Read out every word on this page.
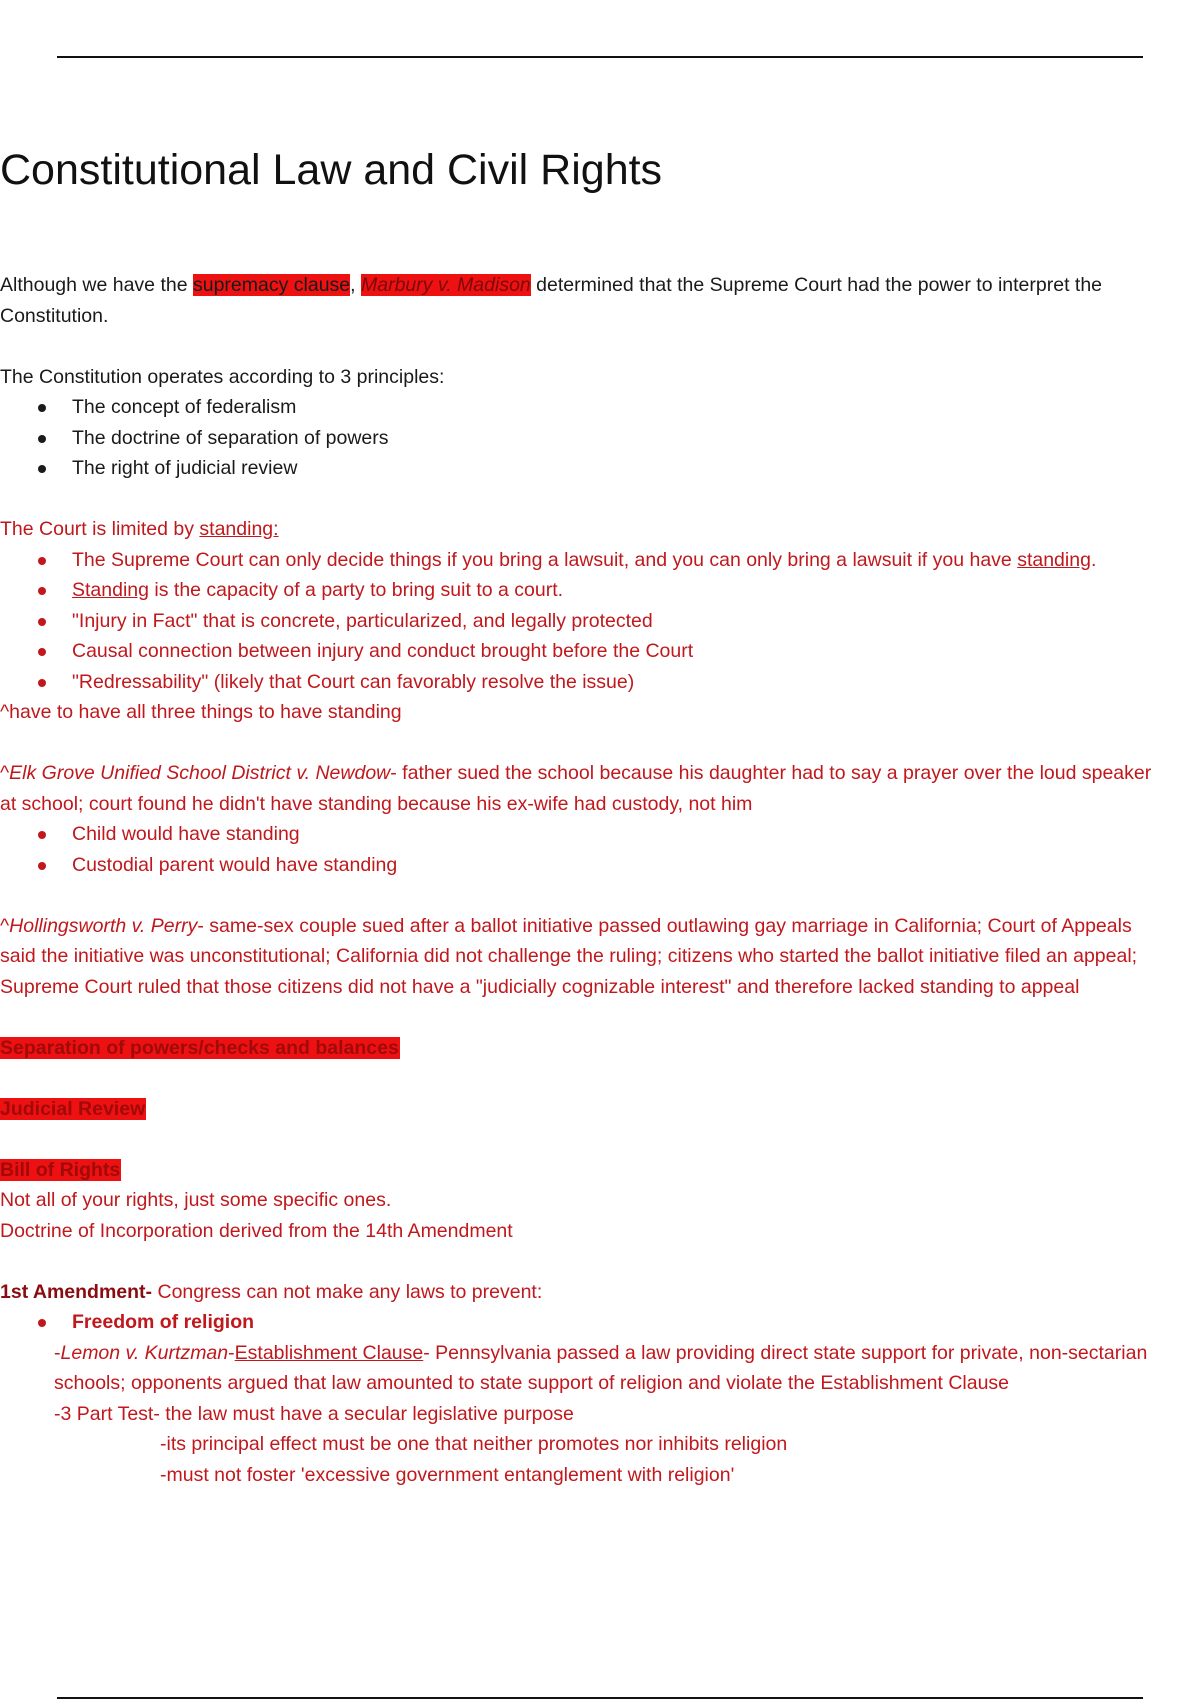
Constitutional Law and Civil Rights

Although we have the supremacy clause, Marbury v. Madison determined that the Supreme Court had the power to interpret the

Constitution.

The Constitution operates according to 3 principles:

The concept of federalism
The doctrine of separation of powers
The right of judicial review

The Court is limited by standing:

The Supreme Court can only decide things if you bring a lawsuit, and you can only bring a lawsuit if you have standing.
Standing is the capacity of a party to bring suit to a court.
"Injury in Fact" that is concrete, particularized, and legally protected
Causal connection between injury and conduct brought before the Court
"Redressability" (likely that Court can favorably resolve the issue)

^have to have all three things to have standing

^Elk Grove Unified School District v. Newdow- father sued the school because his daughter had to say a prayer over the loud speaker

at school; court found he didn't have standing because his ex-wife had custody, not him

Child would have standing
Custodial parent would have standing

^Hollingsworth v. Perry- same-sex couple sued after a ballot initiative passed outlawing gay marriage in California; Court of Appeals

said the initiative was unconstitutional; California did not challenge the ruling; citizens who started the ballot initiative filed an appeal;

Supreme Court ruled that those citizens did not have a "judicially cognizable interest" and therefore lacked standing to appeal

Separation of powers/checks and balances

Judicial Review

Bill of Rights

Not all of your rights, just some specific ones.

Doctrine of Incorporation derived from the 14th Amendment

1st Amendment- Congress can not make any laws to prevent:

Freedom of religion

-Lemon v. Kurtzman-Establishment Clause- Pennsylvania passed a law providing direct state support for private, non-sectarian

schools; opponents argued that law amounted to state support of religion and violate the Establishment Clause

-3 Part Test- the law must have a secular legislative purpose

-its principal effect must be one that neither promotes nor inhibits religion

-must not foster 'excessive government entanglement with religion'
